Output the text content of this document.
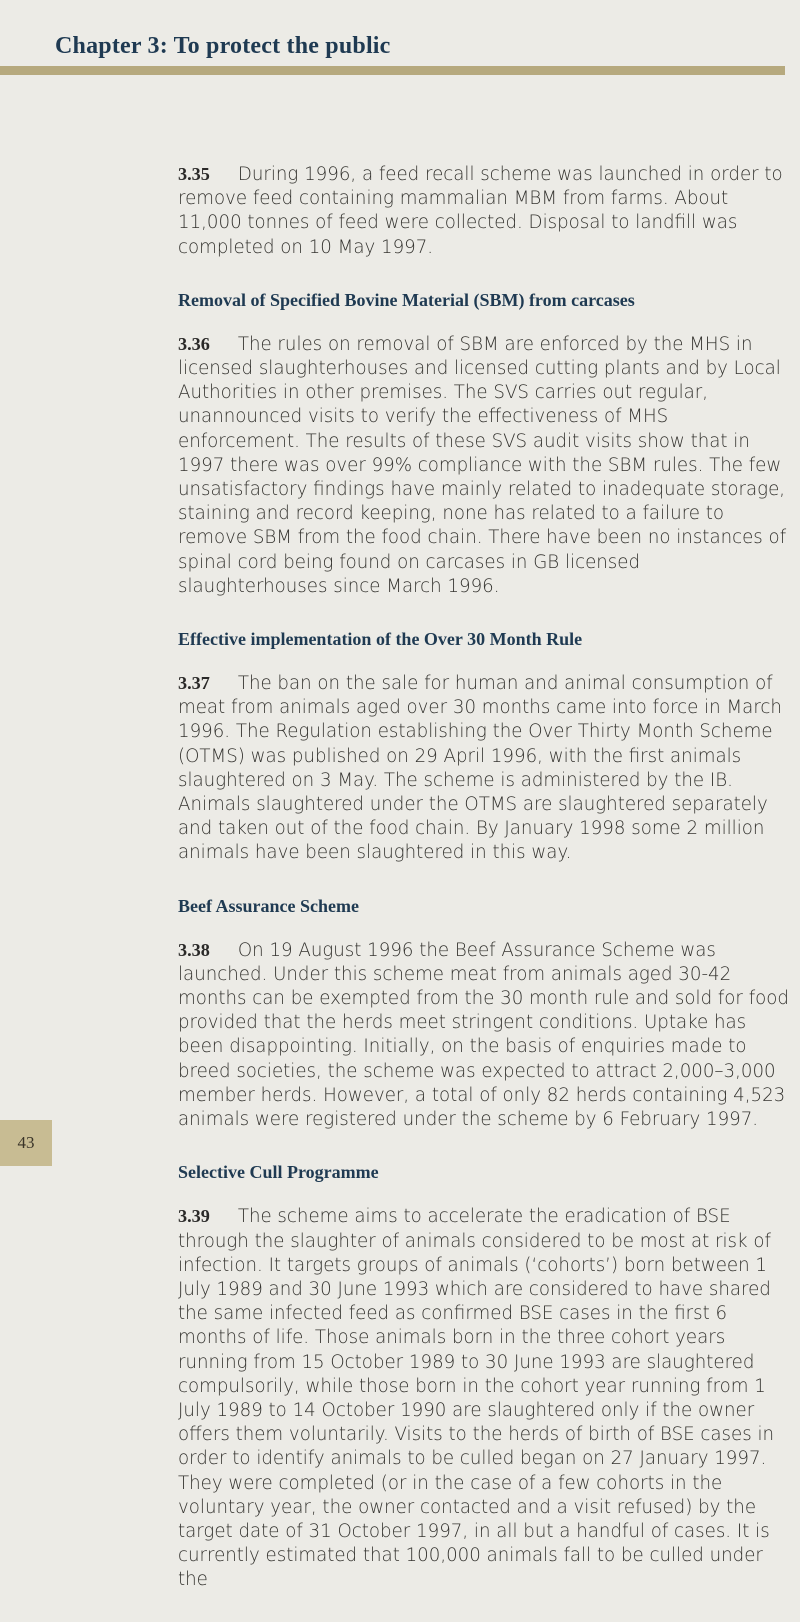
Chapter 3: To protect the public

3.35 During 1996, a feed recall scheme was launched in order to remove feed containing mammalian MBM from farms. About 11,000 tonnes of feed were collected. Disposal to landfill was completed on 10 May 1997.

Removal of Specified Bovine Material (SBM) from carcases

3.36 The rules on removal of SBM are enforced by the MHS in licensed slaughterhouses and licensed cutting plants and by Local Authorities in other premises. The SVS carries out regular, unannounced visits to verify the effectiveness of MHS enforcement. The results of these SVS audit visits show that in 1997 there was over 99% compliance with the SBM rules. The few unsatisfactory findings have mainly related to inadequate storage, staining and record keeping, none has related to a failure to remove SBM from the food chain. There have been no instances of spinal cord being found on carcases in GB licensed slaughterhouses since March 1996.

Effective implementation of the Over 30 Month Rule

3.37 The ban on the sale for human and animal consumption of meat from animals aged over 30 months came into force in March 1996. The Regulation establishing the Over Thirty Month Scheme (OTMS) was published on 29 April 1996, with the first animals slaughtered on 3 May. The scheme is administered by the IB. Animals slaughtered under the OTMS are slaughtered separately and taken out of the food chain. By January 1998 some 2 million animals have been slaughtered in this way.

Beef Assurance Scheme

3.38 On 19 August 1996 the Beef Assurance Scheme was launched. Under this scheme meat from animals aged 30-42 months can be exempted from the 30 month rule and sold for food provided that the herds meet stringent conditions. Uptake has been disappointing. Initially, on the basis of enquiries made to breed societies, the scheme was expected to attract 2,000–3,000 member herds. However, a total of only 82 herds containing 4,523 animals were registered under the scheme by 6 February 1997.

Selective Cull Programme

3.39 The scheme aims to accelerate the eradication of BSE through the slaughter of animals considered to be most at risk of infection. It targets groups of animals (‘cohorts’) born between 1 July 1989 and 30 June 1993 which are considered to have shared the same infected feed as confirmed BSE cases in the first 6 months of life. Those animals born in the three cohort years running from 15 October 1989 to 30 June 1993 are slaughtered compulsorily, while those born in the cohort year running from 1 July 1989 to 14 October 1990 are slaughtered only if the owner offers them voluntarily. Visits to the herds of birth of BSE cases in order to identify animals to be culled began on 27 January 1997. They were completed (or in the case of a few cohorts in the voluntary year, the owner contacted and a visit refused) by the target date of 31 October 1997, in all but a handful of cases. It is currently estimated that 100,000 animals fall to be culled under the

43
